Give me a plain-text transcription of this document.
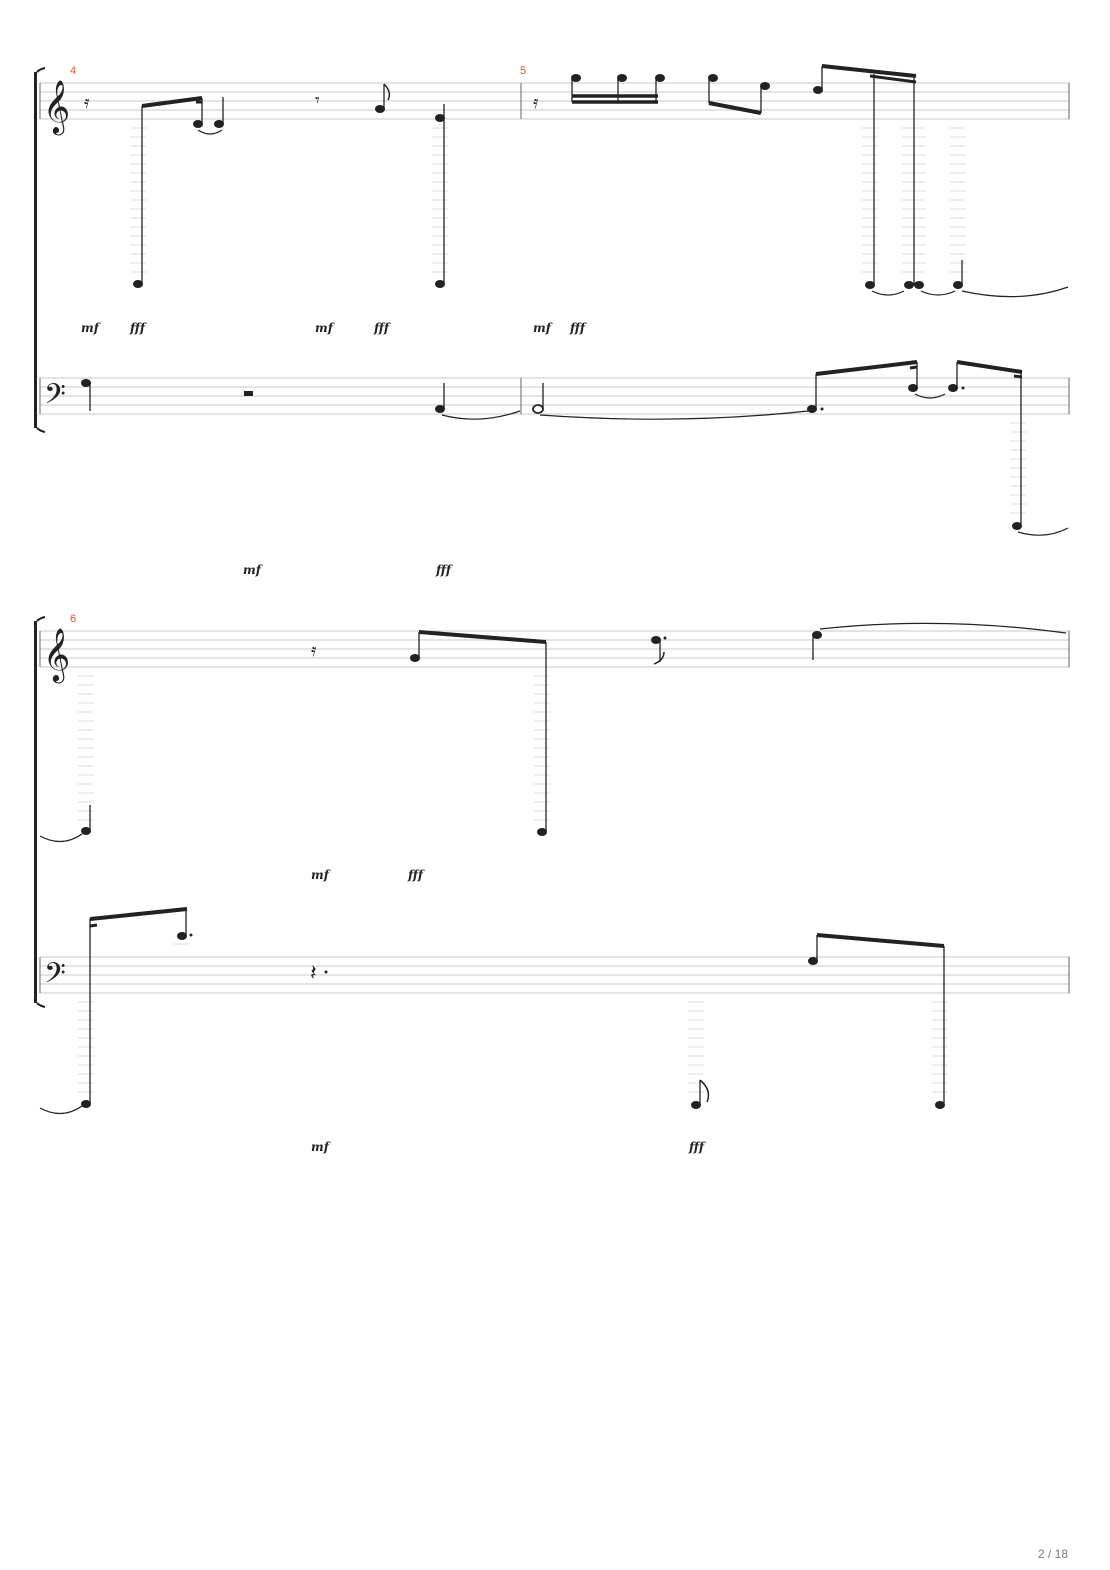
𝄞
4	5
𝄿	𝄾	𝄿
mf	fff	mf	fff	mf fff
𝄢
mf	fff
𝄞
6
𝄿
mf	fff
𝄢	𝄽
mf	fff
2 / 18
